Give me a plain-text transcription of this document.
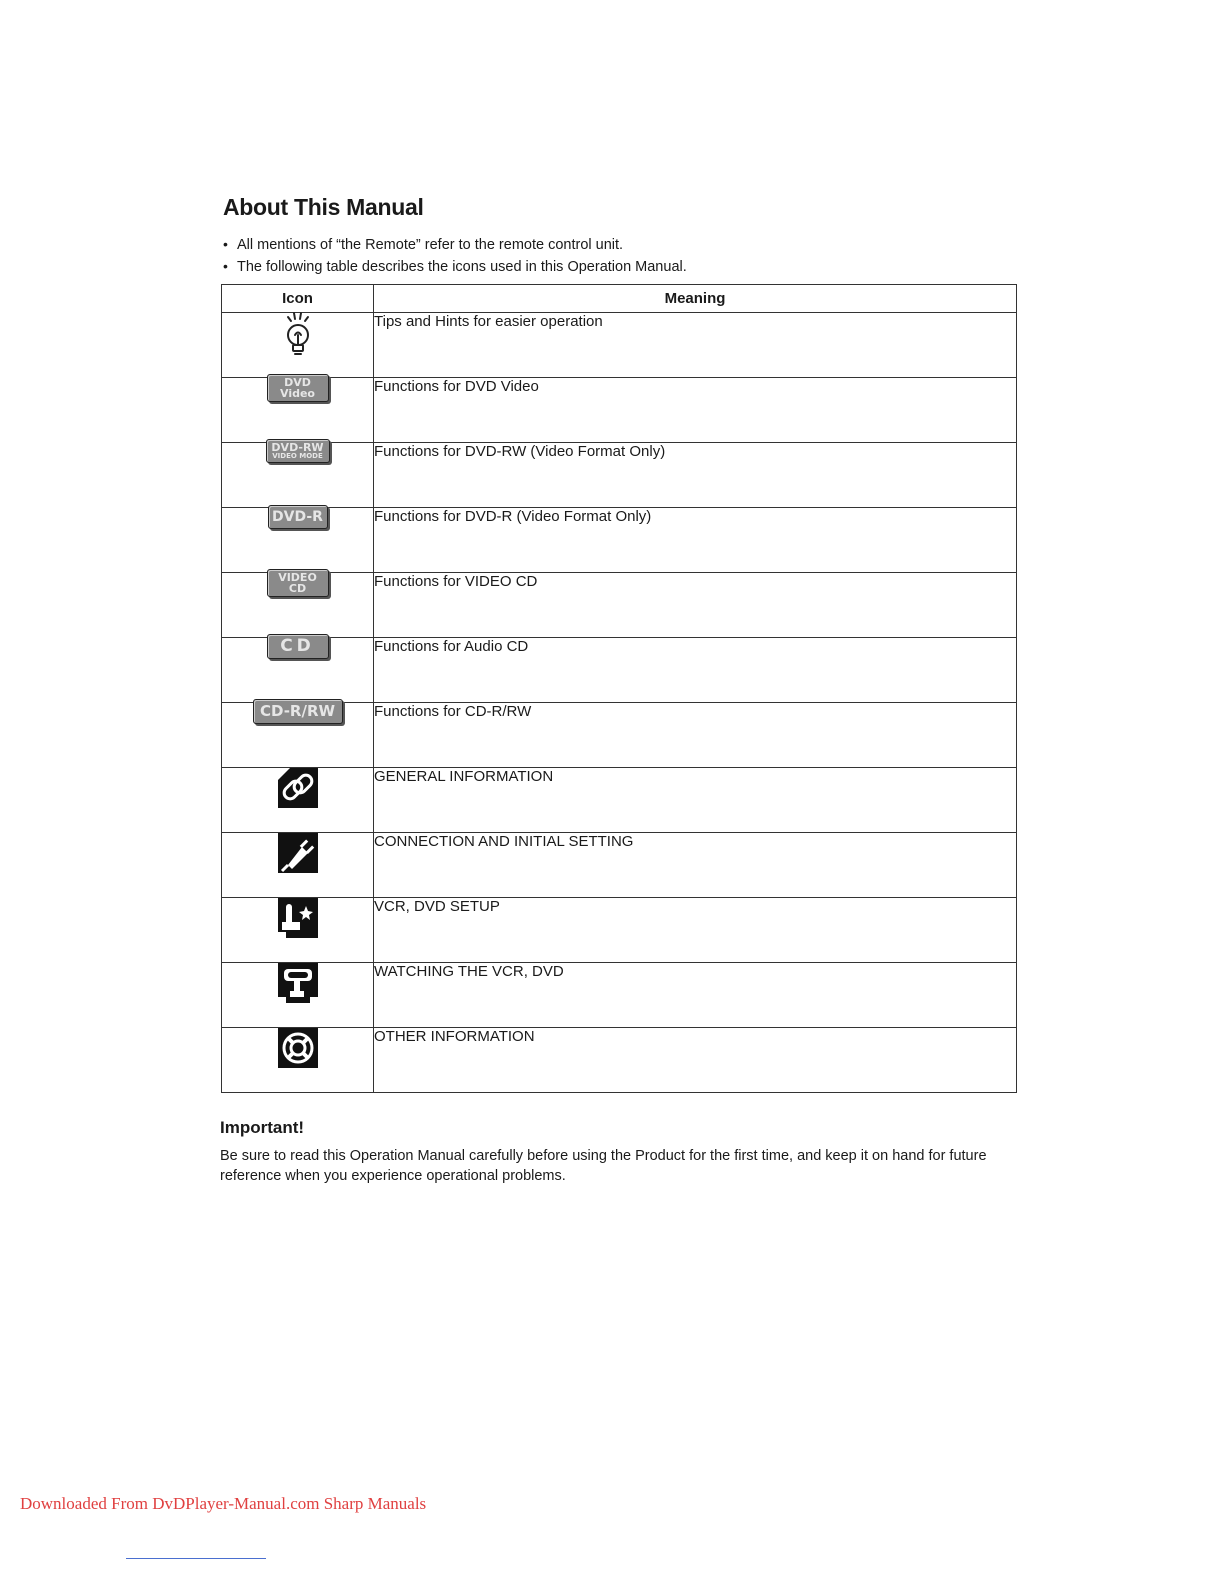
About This Manual
• All mentions of “the Remote” refer to the remote control unit.
• The following table describes the icons used in this Operation Manual.
Icon	Meaning
	Tips and Hints for easier operation

DVD
Video	Functions for DVD Video

DVD-RW
VIDEO MODE	Functions for DVD-RW (Video Format Only)

DVD-R	Functions for DVD-R (Video Format Only)

VIDEO
CD	Functions for VIDEO CD

CD	Functions for Audio CD

CD-R/RW	Functions for CD-R/RW
	GENERAL INFORMATION
	CONNECTION AND INITIAL SETTING
	VCR, DVD SETUP
	WATCHING THE VCR, DVD
	OTHER INFORMATION
Important!

Be sure to read this Operation Manual carefully before using the Product for the first time, and keep it on hand for future reference when you experience operational problems.

Downloaded From DvDPlayer-Manual.com Sharp Manuals
